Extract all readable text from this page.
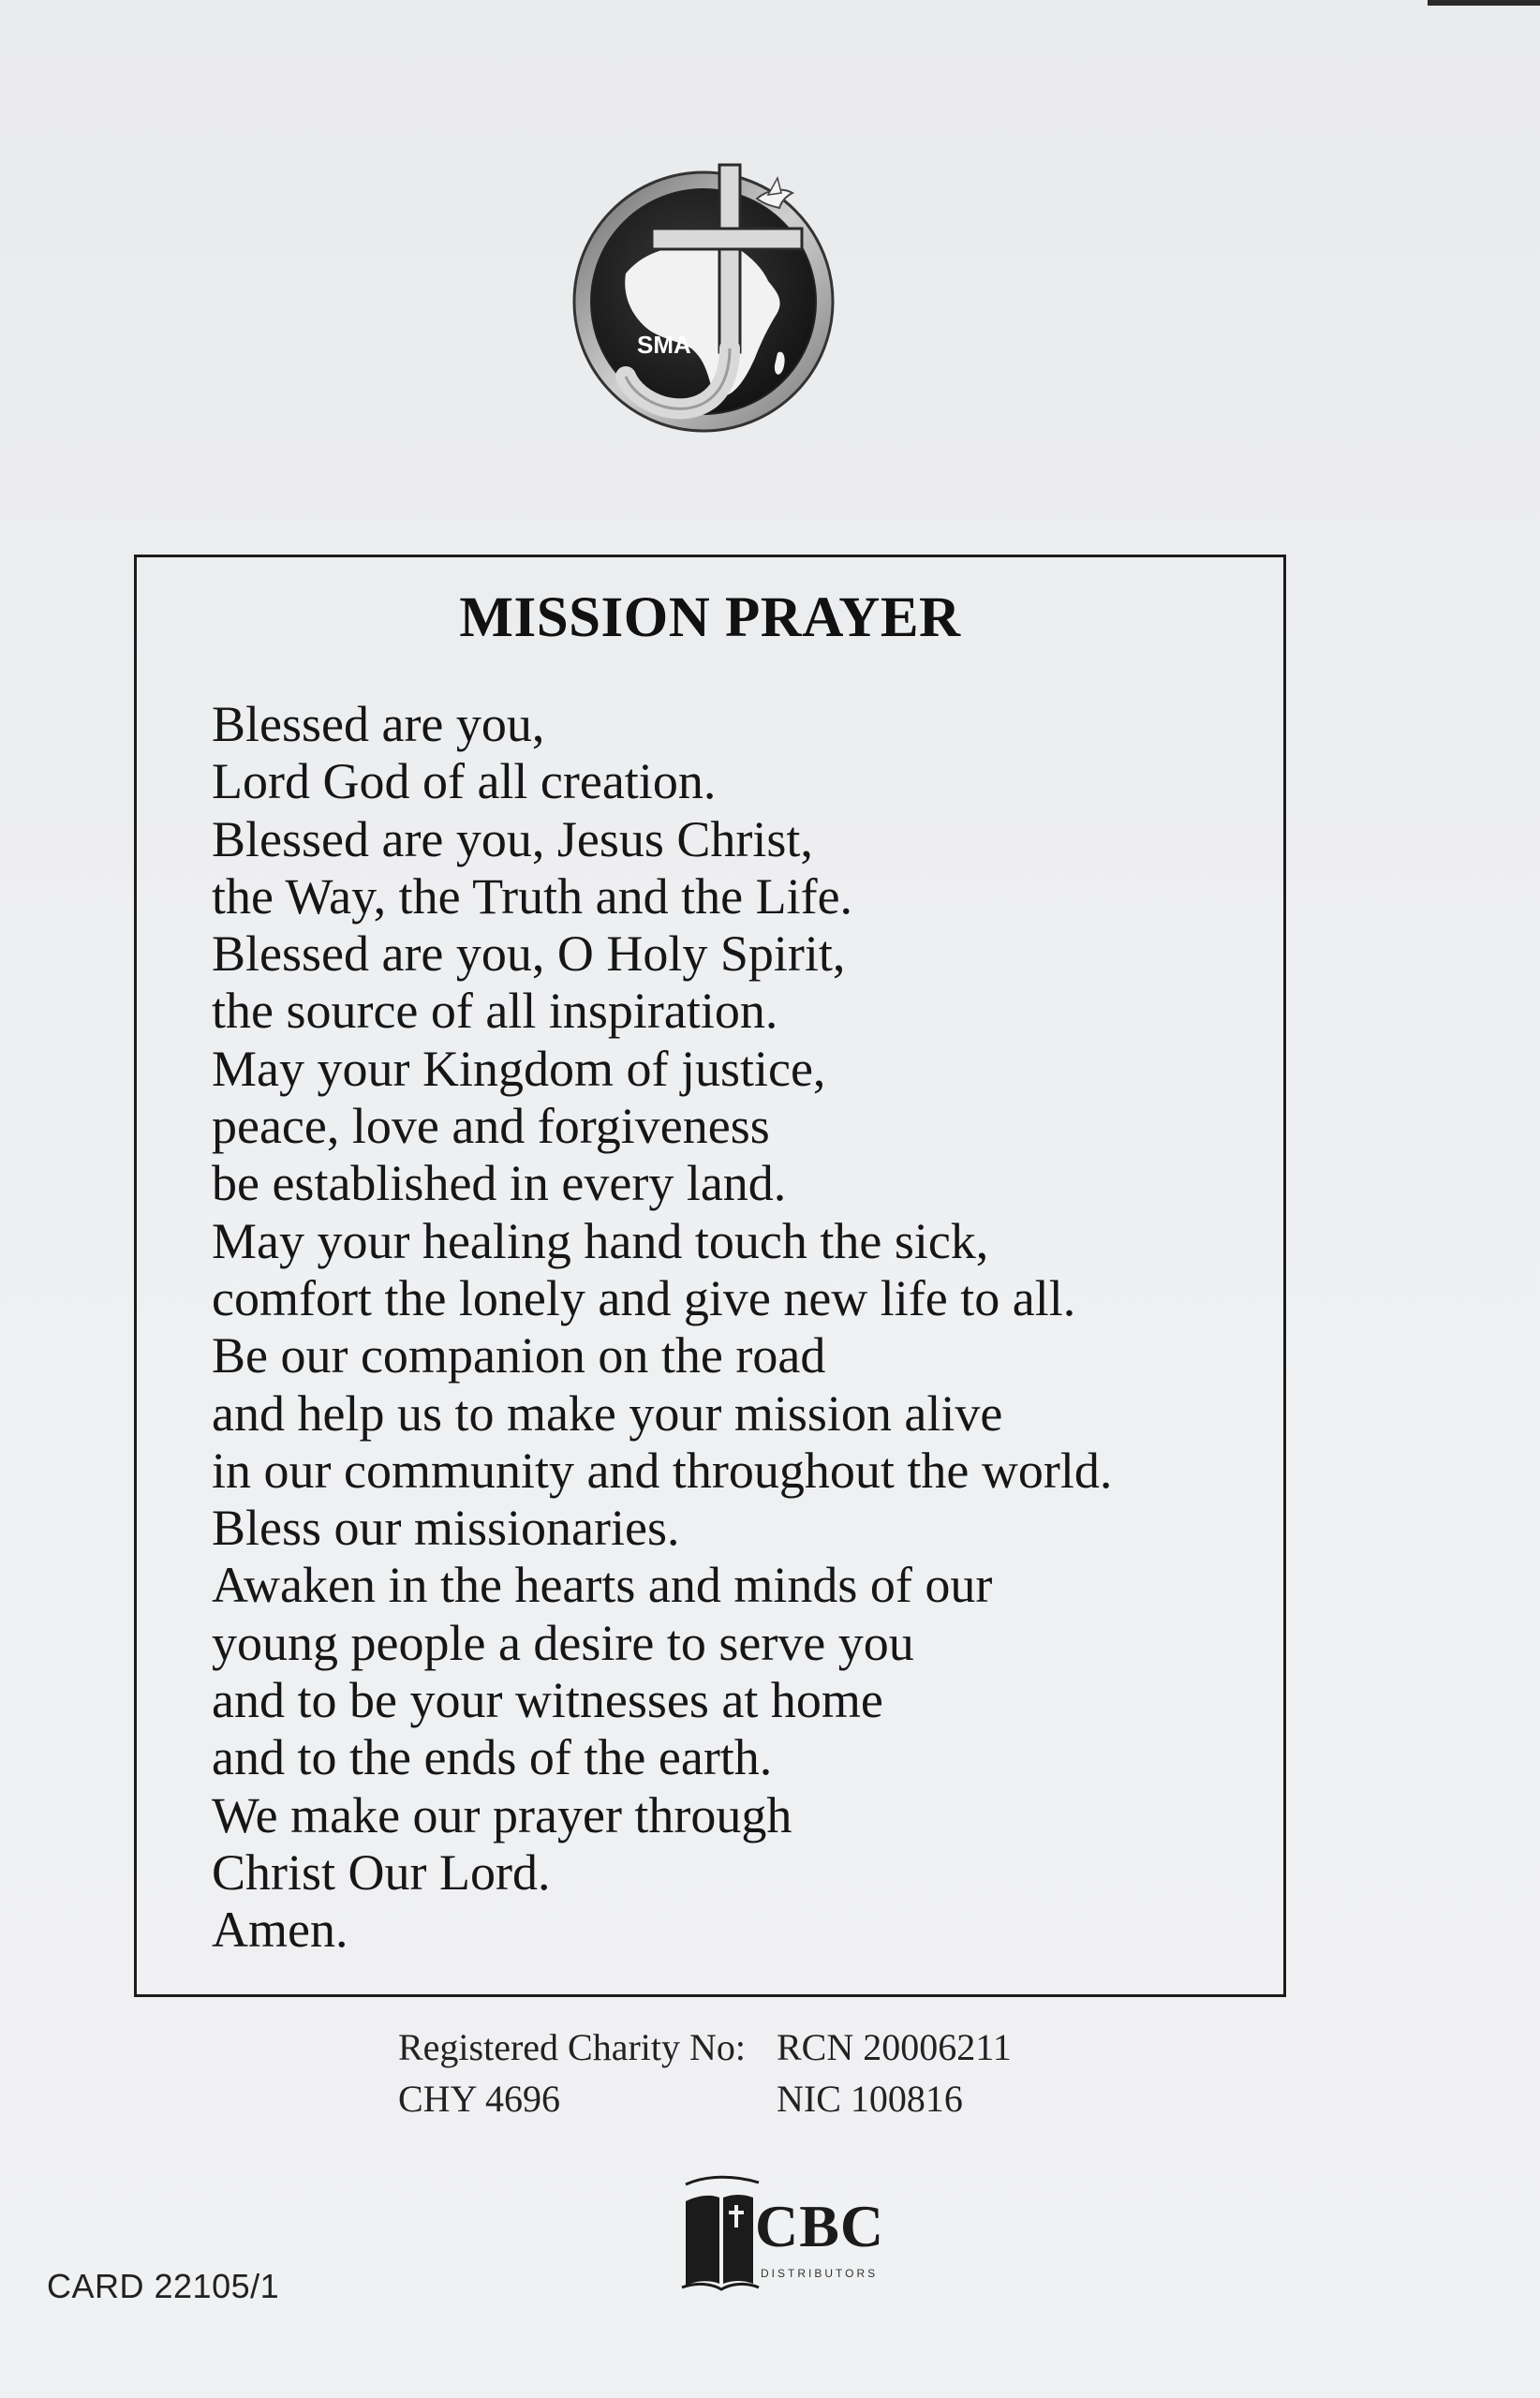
SMA
MISSION PRAYER
Blessed are you,
Lord God of all creation.
Blessed are you, Jesus Christ,
the Way, the Truth and the Life.
Blessed are you, O Holy Spirit,
the source of all inspiration.
May your Kingdom of justice,
peace, love and forgiveness
be established in every land.
May your healing hand touch the sick,
comfort the lonely and give new life to all.
Be our companion on the road
and help us to make your mission alive
in our community and throughout the world.
Bless our missionaries.
Awaken in the hearts and minds of our
young people a desire to serve you
and to be your witnesses at home
and to the ends of the earth.
We make our prayer through
Christ Our Lord.
Amen.
Registered Charity No: RCN 20006211
CHY 4696	NIC 100816
CBC
DISTRIBUTORS
CARD 22105/1
